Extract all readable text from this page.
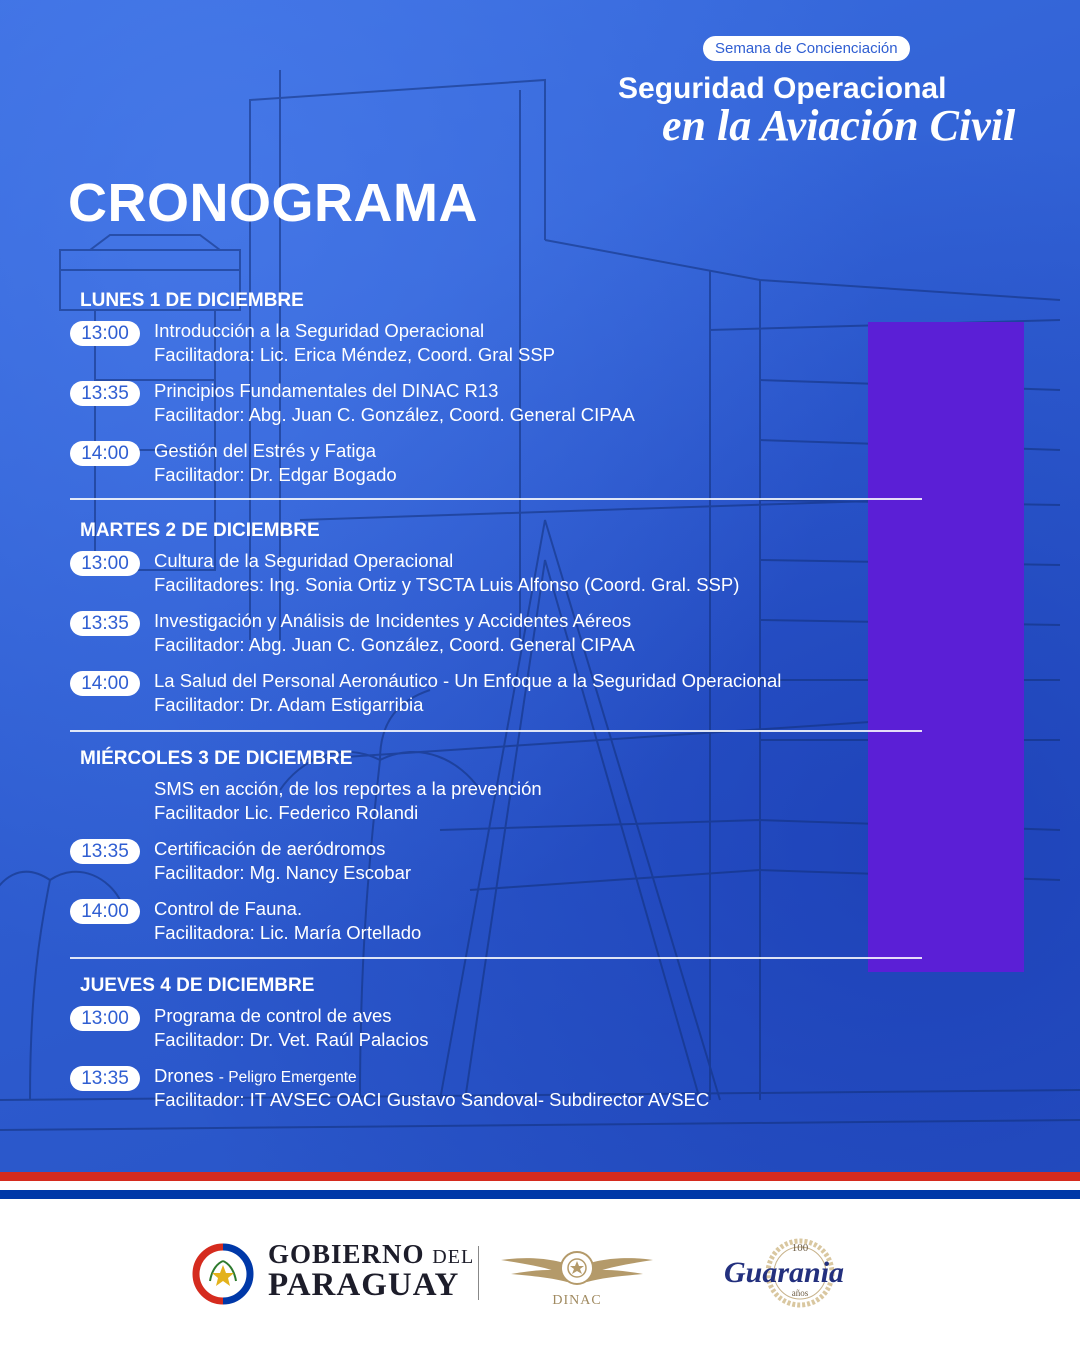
Semana de Concienciación
Seguridad Operacional
en la Aviación Civil
CRONOGRAMA
LUNES 1 DE DICIEMBRE
13:00	Introducción a la Seguridad Operacional
Facilitadora: Lic. Erica Méndez, Coord. Gral SSP
13:35	Principios Fundamentales del DINAC R13
Facilitador: Abg. Juan C. González, Coord. General CIPAA
14:00	Gestión del Estrés y Fatiga
Facilitador: Dr. Edgar Bogado
MARTES 2 DE DICIEMBRE
13:00	Cultura de la Seguridad Operacional
Facilitadores: Ing. Sonia Ortiz y TSCTA Luis Alfonso (Coord. Gral. SSP)
13:35	Investigación y Análisis de Incidentes y Accidentes Aéreos
Facilitador: Abg. Juan C. González, Coord. General CIPAA
14:00	La Salud del Personal Aeronáutico - Un Enfoque a la Seguridad Operacional
Facilitador: Dr. Adam Estigarribia
MIÉRCOLES 3 DE DICIEMBRE
SMS en acción, de los reportes a la prevención
Facilitador Lic. Federico Rolandi
13:35	Certificación de aeródromos
Facilitador: Mg. Nancy Escobar
14:00	Control de Fauna.
Facilitadora: Lic. María Ortellado
JUEVES 4 DE DICIEMBRE
13:00	Programa de control de aves
Facilitador: Dr. Vet. Raúl Palacios
13:35	Drones - Peligro Emergente
Facilitador: IT AVSEC OACI Gustavo Sandoval- Subdirector AVSEC
GOBIERNO DEL
PARAGUAY	DINAC
100
Guarania
años
